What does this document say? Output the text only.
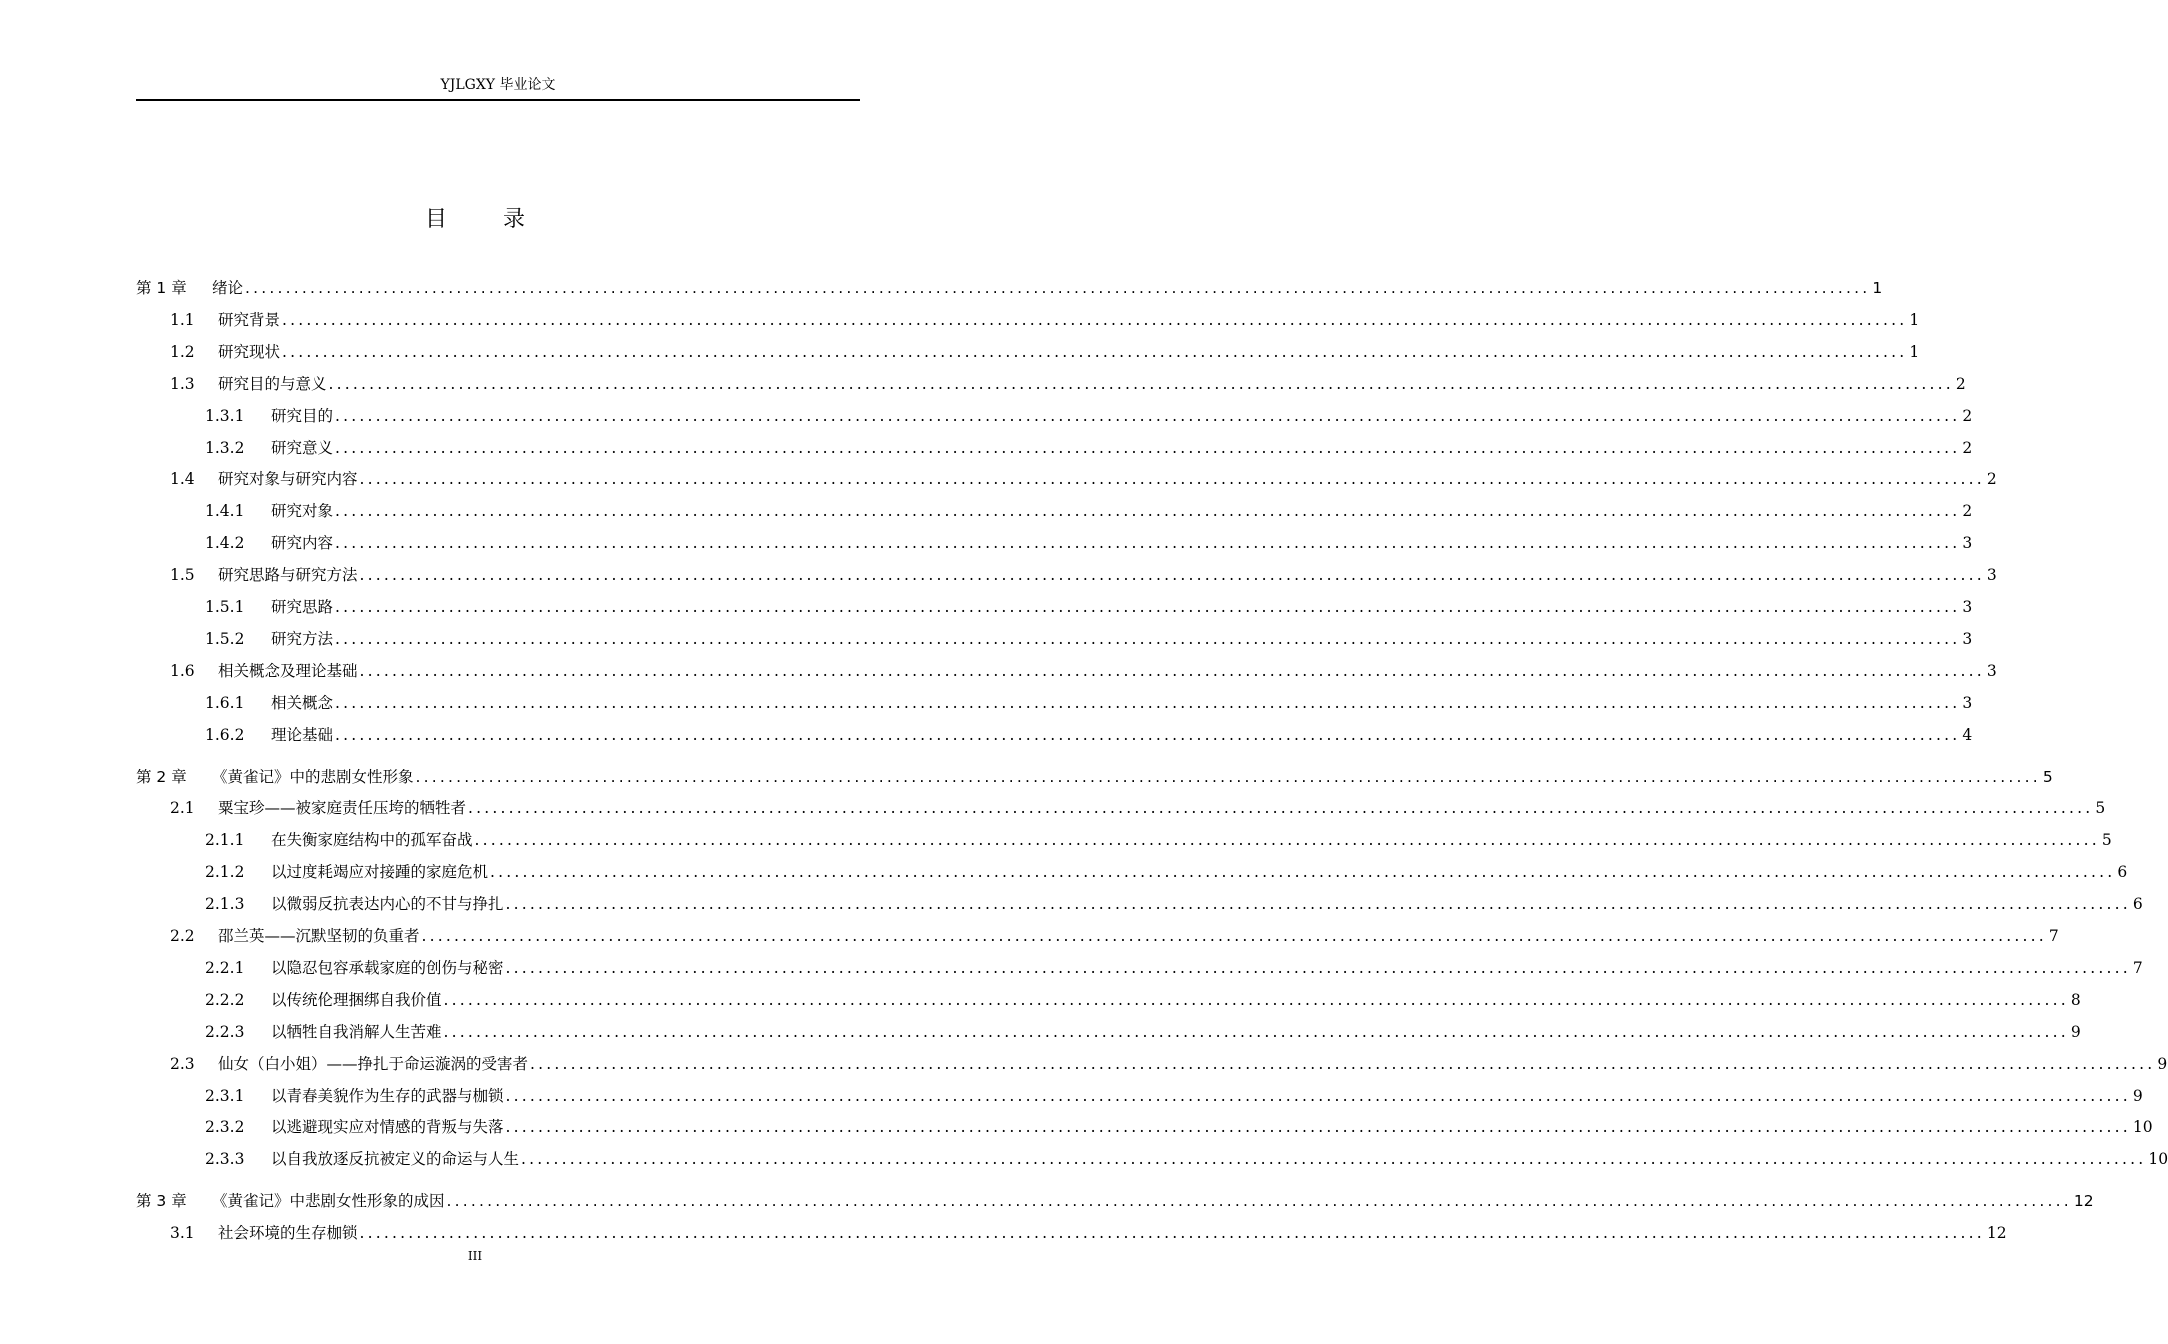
YJLGXY 毕业论文
目	录
第 1 章	绪论 ........................................................................................................................................................................................................ 1
1.1	研究背景 ........................................................................................................................................................................................................ 1
1.2	研究现状 ........................................................................................................................................................................................................ 1
1.3	研究目的与意义 ........................................................................................................................................................................................................ 2
1.3.1	研究目的 ........................................................................................................................................................................................................ 2
1.3.2	研究意义 ........................................................................................................................................................................................................ 2
1.4	研究对象与研究内容 ........................................................................................................................................................................................................ 2
1.4.1	研究对象 ........................................................................................................................................................................................................ 2
1.4.2	研究内容 ........................................................................................................................................................................................................ 3
1.5	研究思路与研究方法 ........................................................................................................................................................................................................ 3
1.5.1	研究思路 ........................................................................................................................................................................................................ 3
1.5.2	研究方法 ........................................................................................................................................................................................................ 3
1.6	相关概念及理论基础 ........................................................................................................................................................................................................ 3
1.6.1	相关概念 ........................................................................................................................................................................................................ 3
1.6.2	理论基础 ........................................................................................................................................................................................................ 4
第 2 章	《黄雀记》中的悲剧女性形象 ........................................................................................................................................................................................................ 5
2.1	粟宝珍——被家庭责任压垮的牺牲者 ........................................................................................................................................................................................................ 5
2.1.1	在失衡家庭结构中的孤军奋战 ........................................................................................................................................................................................................ 5
2.1.2	以过度耗竭应对接踵的家庭危机 ........................................................................................................................................................................................................ 6
2.1.3	以微弱反抗表达内心的不甘与挣扎 ........................................................................................................................................................................................................ 6
2.2	邵兰英——沉默坚韧的负重者 ........................................................................................................................................................................................................ 7
2.2.1	以隐忍包容承载家庭的创伤与秘密 ........................................................................................................................................................................................................ 7
2.2.2	以传统伦理捆绑自我价值 ........................................................................................................................................................................................................ 8
2.2.3	以牺牲自我消解人生苦难 ........................................................................................................................................................................................................ 9
2.3	仙女（白小姐）——挣扎于命运漩涡的受害者 ........................................................................................................................................................................................................ 9
2.3.1	以青春美貌作为生存的武器与枷锁 ........................................................................................................................................................................................................ 9
2.3.2	以逃避现实应对情感的背叛与失落 ........................................................................................................................................................................................................ 10
2.3.3	以自我放逐反抗被定义的命运与人生 ........................................................................................................................................................................................................ 10
第 3 章	《黄雀记》中悲剧女性形象的成因 ........................................................................................................................................................................................................ 12
3.1	社会环境的生存枷锁 ........................................................................................................................................................................................................ 12
III
